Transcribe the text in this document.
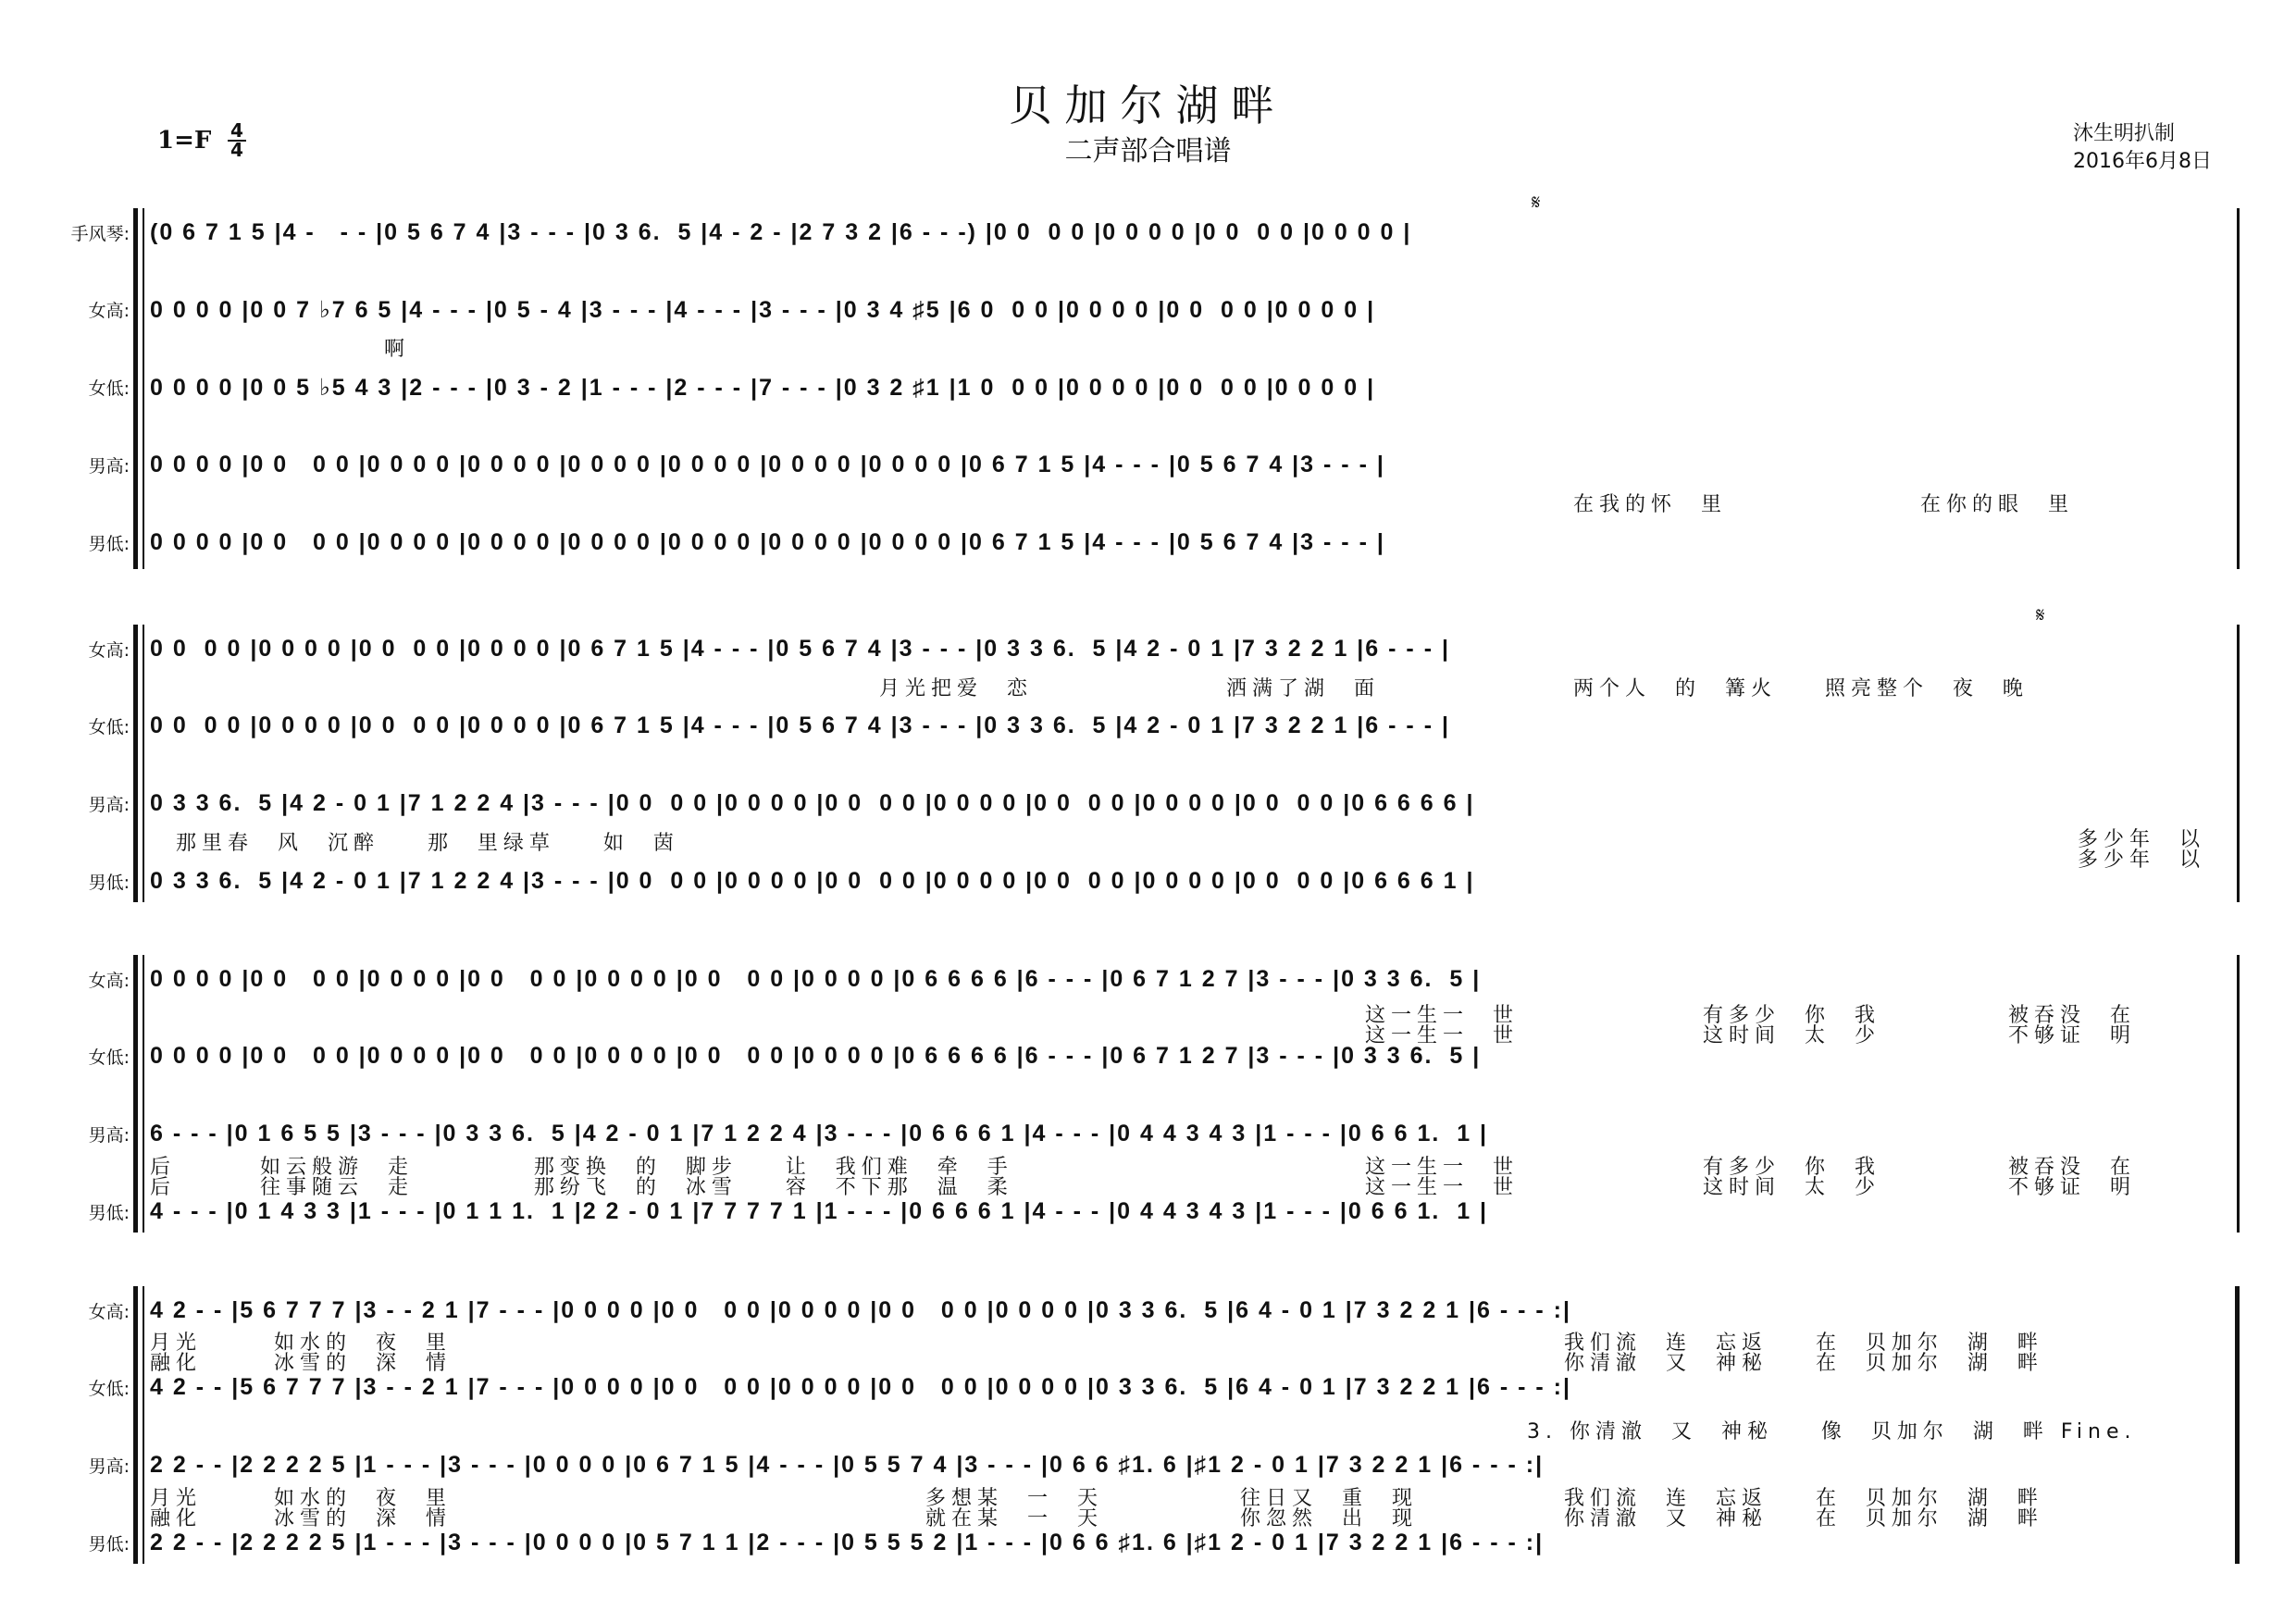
贝加尔湖畔
二声部合唱谱
1=F 4
4
沐生明扒制
2016年6月8日
手风琴: (0 6 7 1 5 |4 -   - - |0 5 6 7 4 |3 - - - |0 3 6.  5 |4 - 2 - |2 7 3 2 |6 - - -) |0 0  0 0 |0 0 0 0 |0 0  0 0 |0 0 0 0 |
女高: 0 0 0 0 |0 0 7 ♭7 6 5 |4 - - - |0 5 - 4 |3 - - - |4 - - - |3 - - - |0 3 4 ♯5 |6 0  0 0 |0 0 0 0 |0 0  0 0 |0 0 0 0 |
啊
女低: 0 0 0 0 |0 0 5 ♭5 4 3 |2 - - - |0 3 - 2 |1 - - - |2 - - - |7 - - - |0 3 2 ♯1 |1 0  0 0 |0 0 0 0 |0 0  0 0 |0 0 0 0 |
男高: 0 0 0 0 |0 0   0 0 |0 0 0 0 |0 0 0 0 |0 0 0 0 |0 0 0 0 |0 0 0 0 |0 0 0 0 |0 6 7 1 5 |4 - - - |0 5 6 7 4 |3 - - - |
在我的怀  里	在你的眼  里
男低: 0 0 0 0 |0 0   0 0 |0 0 0 0 |0 0 0 0 |0 0 0 0 |0 0 0 0 |0 0 0 0 |0 0 0 0 |0 6 7 1 5 |4 - - - |0 5 6 7 4 |3 - - - |
𝄋
女高: 0 0  0 0 |0 0 0 0 |0 0  0 0 |0 0 0 0 |0 6 7 1 5 |4 - - - |0 5 6 7 4 |3 - - - |0 3 3 6.  5 |4 2 - 0 1 |7 3 2 2 1 |6 - - - |
月光把爱  恋	洒满了湖  面	两个人  的  篝火    照亮整个  夜  晚
女低: 0 0  0 0 |0 0 0 0 |0 0  0 0 |0 0 0 0 |0 6 7 1 5 |4 - - - |0 5 6 7 4 |3 - - - |0 3 3 6.  5 |4 2 - 0 1 |7 3 2 2 1 |6 - - - |
男高: 0 3 3 6.  5 |4 2 - 0 1 |7 1 2 2 4 |3 - - - |0 0  0 0 |0 0 0 0 |0 0  0 0 |0 0 0 0 |0 0  0 0 |0 0 0 0 |0 0  0 0 |0 6 6 6 6 |
那里春  风  沉醉    那  里绿草    如  茵	多少年  以
多少年  以
男低: 0 3 3 6.  5 |4 2 - 0 1 |7 1 2 2 4 |3 - - - |0 0  0 0 |0 0 0 0 |0 0  0 0 |0 0 0 0 |0 0  0 0 |0 0 0 0 |0 0  0 0 |0 6 6 6 1 |
𝄋
女高: 0 0 0 0 |0 0   0 0 |0 0 0 0 |0 0   0 0 |0 0 0 0 |0 0   0 0 |0 0 0 0 |0 6 6 6 6 |6 - - - |0 6 7 1 2 7 |3 - - - |0 3 3 6.  5 |
这一生一  世	有多少  你  我	被吞没  在
这一生一  世	这时间  太  少	不够证  明
女低: 0 0 0 0 |0 0   0 0 |0 0 0 0 |0 0   0 0 |0 0 0 0 |0 0   0 0 |0 0 0 0 |0 6 6 6 6 |6 - - - |0 6 7 1 2 7 |3 - - - |0 3 3 6.  5 |
男高: 6 - - - |0 1 6 5 5 |3 - - - |0 3 3 6.  5 |4 2 - 0 1 |7 1 2 2 4 |3 - - - |0 6 6 6 1 |4 - - - |0 4 4 3 4 3 |1 - - - |0 6 6 1.  1 |
后       如云般游  走          那变换  的  脚步    让  我们难  牵  手
后       往事随云  走          那纷飞  的  冰雪    容  不下那  温  柔
这一生一  世	有多少  你  我	被吞没  在
这一生一  世	这时间  太  少	不够证  明
男低: 4 - - - |0 1 4 3 3 |1 - - - |0 1 1 1.  1 |2 2 - 0 1 |7 7 7 7 1 |1 - - - |0 6 6 6 1 |4 - - - |0 4 4 3 4 3 |1 - - - |0 6 6 1.  1 |
女高: 4 2 - - |5 6 7 7 7 |3 - - 2 1 |7 - - - |0 0 0 0 |0 0   0 0 |0 0 0 0 |0 0   0 0 |0 0 0 0 |0 3 3 6.  5 |6 4 - 0 1 |7 3 2 2 1 |6 - - - :|
月光      如水的  夜  里
融化      冰雪的  深  情
我们流  连  忘返    在  贝加尔  湖  畔
你清澈  又  神秘    在  贝加尔  湖  畔
女低: 4 2 - - |5 6 7 7 7 |3 - - 2 1 |7 - - - |0 0 0 0 |0 0   0 0 |0 0 0 0 |0 0   0 0 |0 0 0 0 |0 3 3 6.  5 |6 4 - 0 1 |7 3 2 2 1 |6 - - - :|
3. 你清澈  又  神秘    像  贝加尔  湖  畔 Fine.
男高: 2 2 - - |2 2 2 2 5 |1 - - - |3 - - - |0 0 0 0 |0 6 7 1 5 |4 - - - |0 5 5 7 4 |3 - - - |0 6 6 ♯1. 6 |♯1 2 - 0 1 |7 3 2 2 1 |6 - - - :|
月光      如水的  夜  里
融化      冰雪的  深  情
多想某  一  天	往日又  重  现
就在某  一  天	你忽然  出  现
我们流  连  忘返    在  贝加尔  湖  畔
你清澈  又  神秘    在  贝加尔  湖  畔
男低: 2 2 - - |2 2 2 2 5 |1 - - - |3 - - - |0 0 0 0 |0 5 7 1 1 |2 - - - |0 5 5 5 2 |1 - - - |0 6 6 ♯1. 6 |♯1 2 - 0 1 |7 3 2 2 1 |6 - - - :|
